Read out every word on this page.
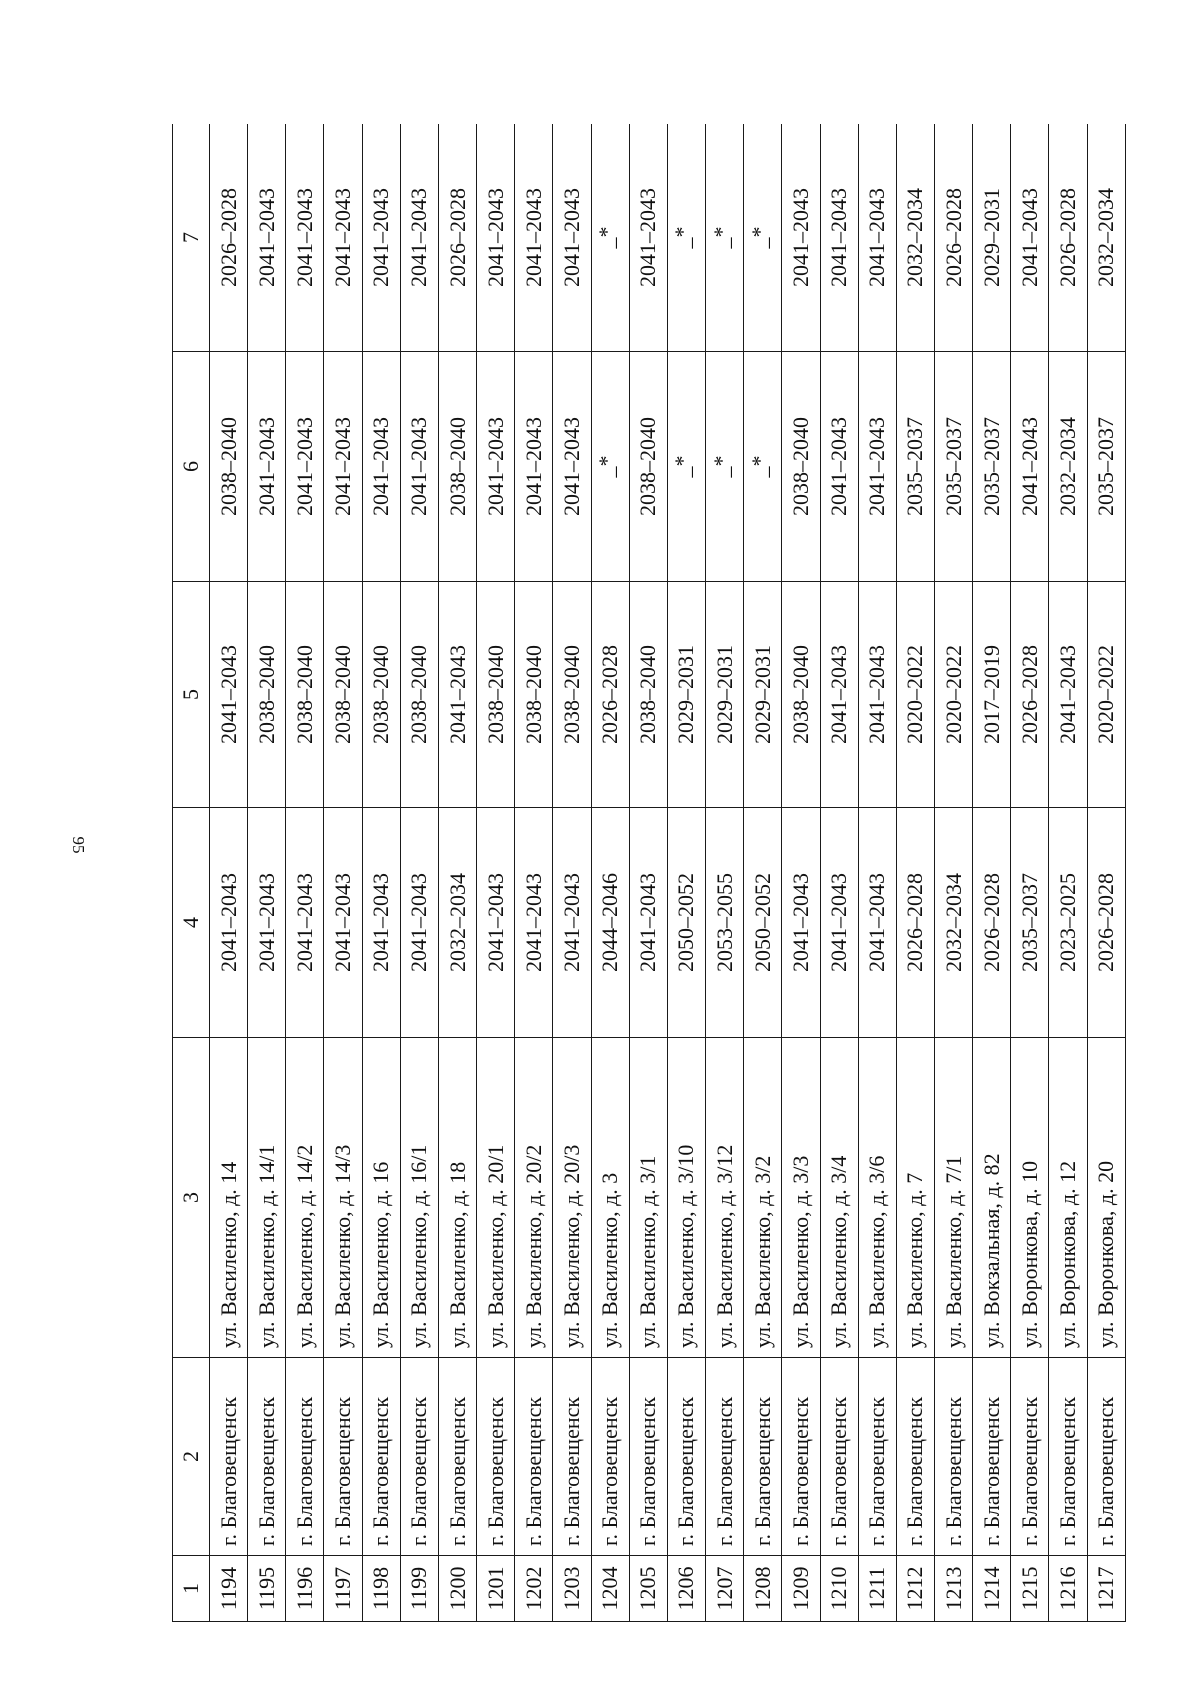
95
1	2	3	4	5	6	7
1194	г. Благовещенск	ул. Василенко, д. 14	2041–2043	2041–2043	2038–2040	2026–2028
1195	г. Благовещенск	ул. Василенко, д. 14/1	2041–2043	2038–2040	2041–2043	2041–2043
1196	г. Благовещенск	ул. Василенко, д. 14/2	2041–2043	2038–2040	2041–2043	2041–2043
1197	г. Благовещенск	ул. Василенко, д. 14/3	2041–2043	2038–2040	2041–2043	2041–2043
1198	г. Благовещенск	ул. Василенко, д. 16	2041–2043	2038–2040	2041–2043	2041–2043
1199	г. Благовещенск	ул. Василенко, д. 16/1	2041–2043	2038–2040	2041–2043	2041–2043
1200	г. Благовещенск	ул. Василенко, д. 18	2032–2034	2041–2043	2038–2040	2026–2028
1201	г. Благовещенск	ул. Василенко, д. 20/1	2041–2043	2038–2040	2041–2043	2041–2043
1202	г. Благовещенск	ул. Василенко, д. 20/2	2041–2043	2038–2040	2041–2043	2041–2043
1203	г. Благовещенск	ул. Василенко, д. 20/3	2041–2043	2038–2040	2041–2043	2041–2043
1204	г. Благовещенск	ул. Василенко, д. 3	2044–2046	2026–2028	_*	_*

1205	г. Благовещенск	ул. Василенко, д. 3/1	2041–2043	2038–2040	2038–2040	2041–2043
1206	г. Благовещенск	ул. Василенко, д. 3/10	2050–2052	2029–2031	_*	_*

1207	г. Благовещенск	ул. Василенко, д. 3/12	2053–2055	2029–2031	_*	_*

1208	г. Благовещенск	ул. Василенко, д. 3/2	2050–2052	2029–2031	_*	_*

1209	г. Благовещенск	ул. Василенко, д. 3/3	2041–2043	2038–2040	2038–2040	2041–2043
1210	г. Благовещенск	ул. Василенко, д. 3/4	2041–2043	2041–2043	2041–2043	2041–2043
1211	г. Благовещенск	ул. Василенко, д. 3/6	2041–2043	2041–2043	2041–2043	2041–2043
1212	г. Благовещенск	ул. Василенко, д. 7	2026–2028	2020–2022	2035–2037	2032–2034
1213	г. Благовещенск	ул. Василенко, д. 7/1	2032–2034	2020–2022	2035–2037	2026–2028
1214	г. Благовещенск	ул. Вокзальная, д. 82	2026–2028	2017–2019	2035–2037	2029–2031
1215	г. Благовещенск	ул. Воронкова, д. 10	2035–2037	2026–2028	2041–2043	2041–2043
1216	г. Благовещенск	ул. Воронкова, д. 12	2023–2025	2041–2043	2032–2034	2026–2028
1217	г. Благовещенск	ул. Воронкова, д. 20	2026–2028	2020–2022	2035–2037	2032–2034
